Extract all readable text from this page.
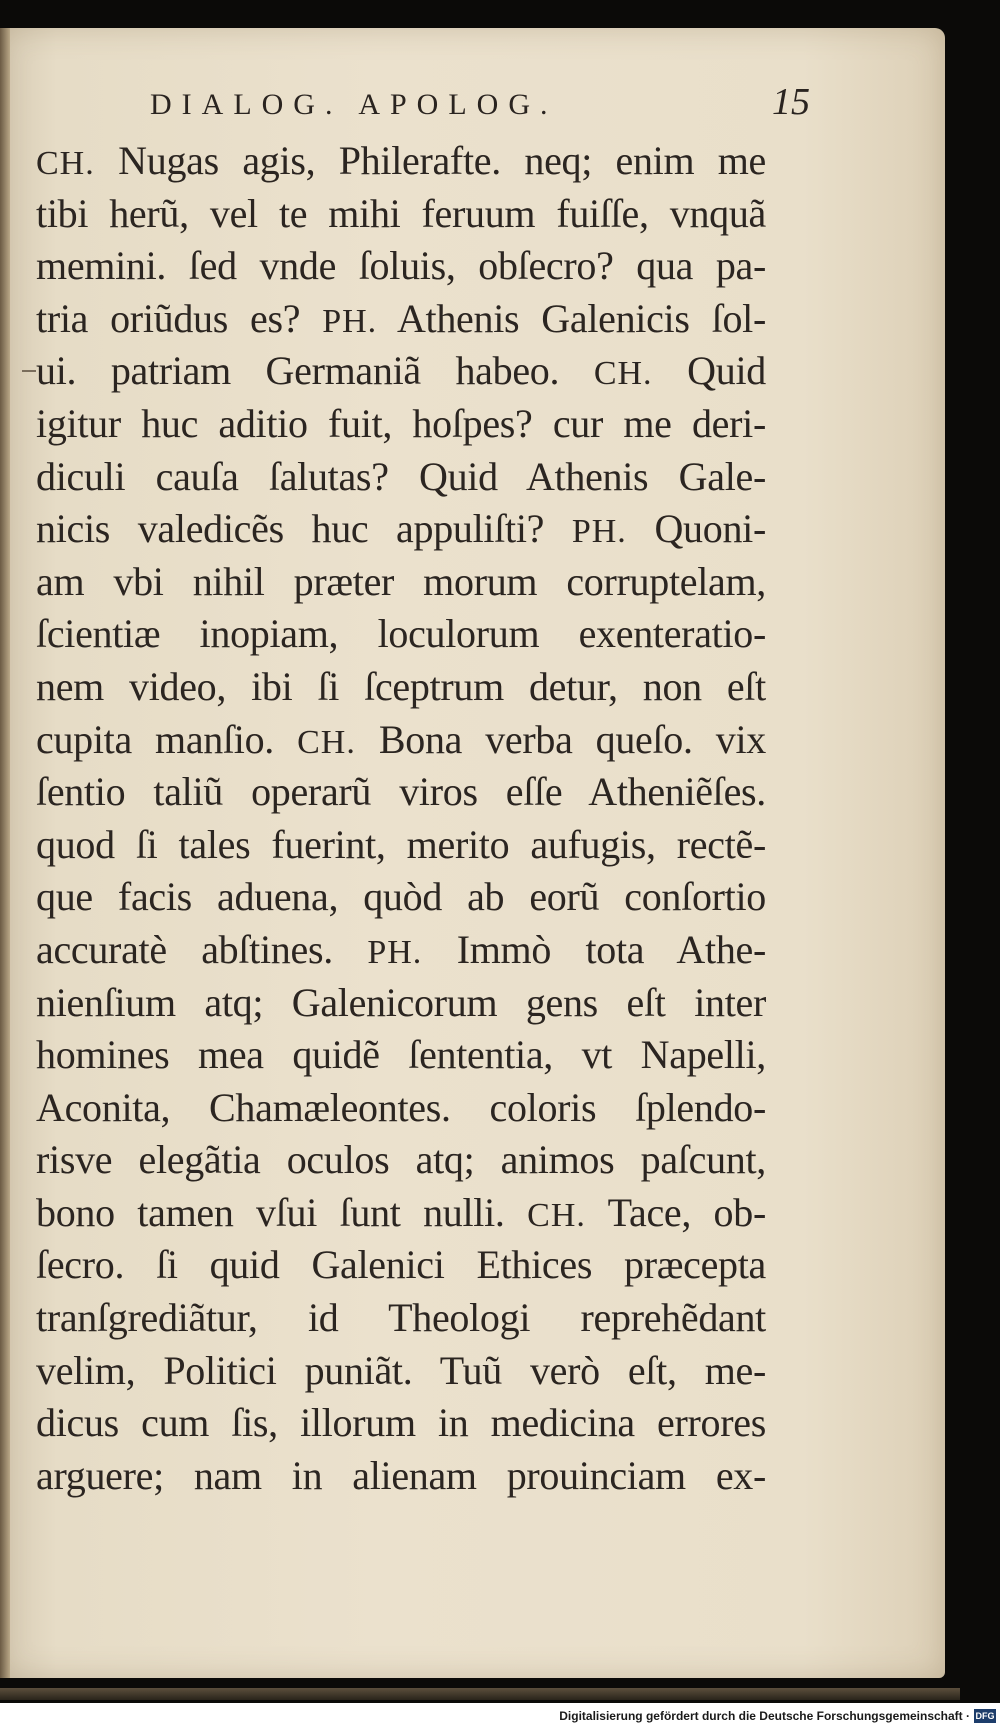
DIALOG. APOLOG.	15
CH. Nugas agis, Philerafte. neq; enim me
tibi herũ, vel te mihi feruum fuiſſe, vnquã
memini. ſed vnde ſoluis, obſecro? qua pa-
tria oriũdus es? PH. Athenis Galenicis ſol-
ui. patriam Germaniã habeo. CH. Quid
igitur huc aditio fuit, hoſpes? cur me deri-
diculi cauſa ſalutas? Quid Athenis Gale-
nicis valedicẽs huc appuliſti? PH. Quoni-
am vbi nihil præter morum corruptelam,
ſcientiæ inopiam, loculorum exenteratio-
nem video, ibi ſi ſceptrum detur, non eſt
cupita manſio. CH. Bona verba queſo. vix
ſentio taliũ operarũ viros eſſe Atheniẽſes.
quod ſi tales fuerint, merito aufugis, rectẽ-
que facis aduena, quòd ab eorũ conſortio
accuratè abſtines. PH. Immò tota Athe-
nienſium atq; Galenicorum gens eſt inter
homines mea quidẽ ſententia, vt Napelli,
Aconita, Chamæleontes. coloris ſplendo-
risve elegãtia oculos atq; animos paſcunt,
bono tamen vſui ſunt nulli. CH. Tace, ob-
ſecro. ſi quid Galenici Ethices præcepta
tranſgrediãtur, id Theologi reprehẽdant
velim, Politici puniãt. Tuũ verò eſt, me-
dicus cum ſis, illorum in medicina errores
arguere; nam in alienam prouinciam ex-
Digitalisierung gefördert durch die Deutsche Forschungsgemeinschaft · DFG
